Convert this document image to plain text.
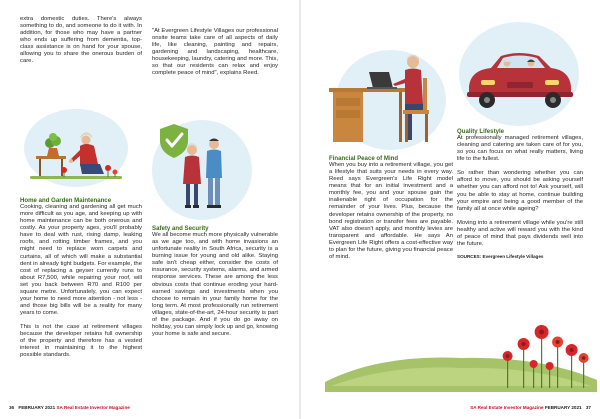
extra domestic duties. There's always something to do, and someone to do it with. In addition, for those who may have a partner who ends up suffering from dementia, top-class assistance is on hand for your spouse, allowing you to share the onerous burden of care.

Home and Garden Maintenance

Cooking, cleaning and gardening all get much more difficult as you age, and keeping up with home maintenance can be both onerous and costly. As your property ages, you'll probably have to deal with rust, rising damp, leaking roofs, and rotting timber frames, and you might need to replace worn carpets and curtains, all of which will make a substantial dent in already tight budgets. For example, the cost of replacing a geyser currently runs to about R7,500, while repairing your roof, will set you back between R70 and R100 per square metre. Unfortunately, you can expect your home to need more attention - not less - and those big bills will be a reality for many years to come.

This is not the case at retirement villages because the developer retains full ownership of the property and therefore has a vested interest in maintaining it to the highest possible standards.

"At Evergreen Lifestyle Villages our professional onsite teams take care of all aspects of daily life, like cleaning, painting and repairs, gardening and landscaping, healthcare, housekeeping, laundry, catering and more. This, so that our residents can relax and enjoy complete peace of mind", explains Reed.

Safety and Security

We all become much more physically vulnerable as we age too, and with home invasions an unfortunate reality in South Africa, security is a burning issue for young and old alike. Staying safe isn't cheap either, consider the costs of insurance, security systems, alarms, and armed response services. These are among the less obvious costs that continue eroding your hard-earned savings and investments when you choose to remain in your family home for the long term. At most professionally run retirement villages, state-of-the-art, 24-hour security is part of the package. And if you do go away on holiday, you can simply lock up and go, knowing your home is safe and secure.

36 FEBRUARY 2021 SA Real Estate Investor Magazine

Financial Peace of Mind

When you buy into a retirement village, you get a lifestyle that suits your needs in every way. Reed says Evergreen's Life Right model means that for an initial investment and a monthly fee, you and your spouse gain the inalienable right of occupation for the remainder of your lives. Plus, because the developer retains ownership of the property, no bond registration or transfer fees are payable. VAT also doesn't apply, and monthly levies are transparent and affordable. He says An Evergreen Life Right offers a cost-effective way to plan for the future, giving you financial peace of mind.

Quality Lifestyle

At professionally managed retirement villages, cleaning and catering are taken care of for you, so you can focus on what really matters, living life to the fullest.

So rather than wondering whether you can afford to move, you should be asking yourself whether you can afford not to! Ask yourself, will you be able to stay at home, continue building your empire and being a good member of the family all at once while ageing?

Moving into a retirement village while you're still healthy and active will reward you with the kind of peace of mind that pays dividends well into the future.

SOURCES: Evergreen Lifestyle Villages

SA Real Estate Investor Magazine FEBRUARY 2021 37
